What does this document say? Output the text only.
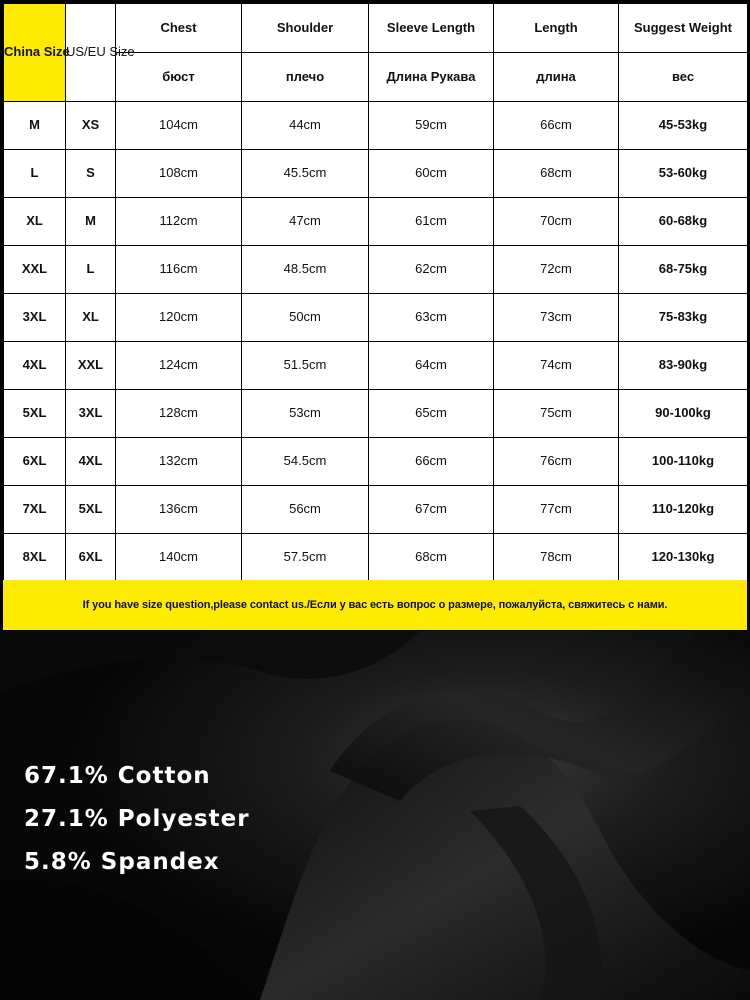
China Size	US/EU Size	Chest	Shoulder	Sleeve Length	Length	Suggest Weight
		бюст	плечо	Длина Рукава	длина	вес
M	XS	104cm	44cm	59cm	66cm	45-53kg
L	S	108cm	45.5cm	60cm	68cm	53-60kg
XL	M	112cm	47cm	61cm	70cm	60-68kg
XXL	L	116cm	48.5cm	62cm	72cm	68-75kg
3XL	XL	120cm	50cm	63cm	73cm	75-83kg
4XL	XXL	124cm	51.5cm	64cm	74cm	83-90kg
5XL	3XL	128cm	53cm	65cm	75cm	90-100kg
6XL	4XL	132cm	54.5cm	66cm	76cm	100-110kg
7XL	5XL	136cm	56cm	67cm	77cm	110-120kg
8XL	6XL	140cm	57.5cm	68cm	78cm	120-130kg
If you have size question,please contact us./Если у вас есть вопрос о размере, пожалуйста, свяжитесь с нами.
67.1% Cotton
27.1% Polyester
5.8% Spandex
